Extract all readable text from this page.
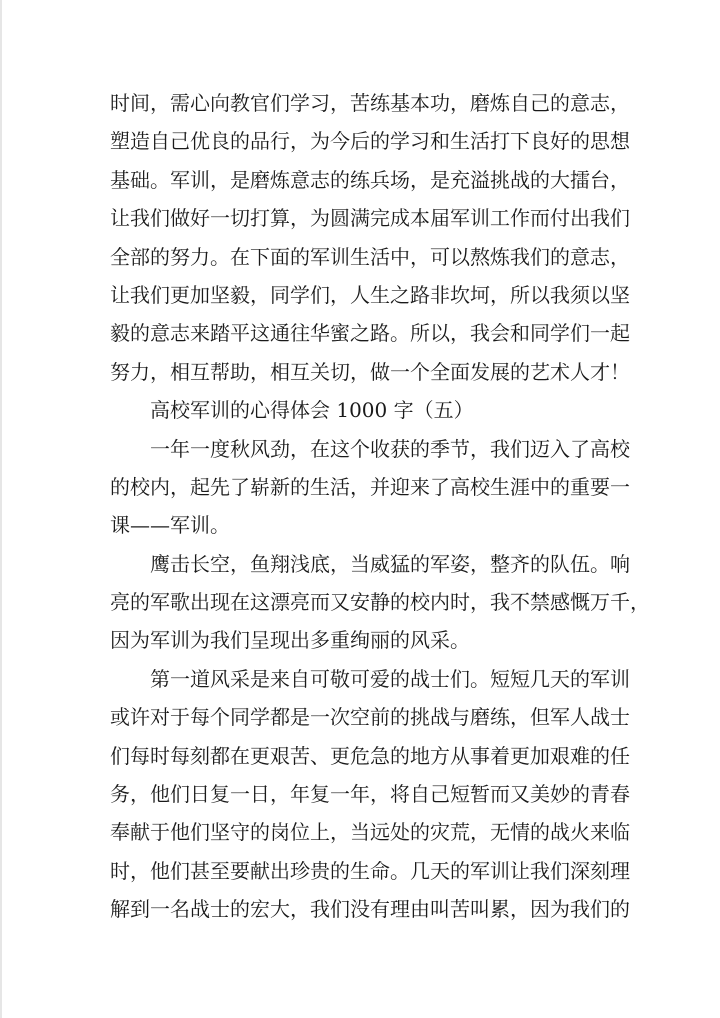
时间，需心向教官们学习，苦练基本功，磨炼自己的意志，
塑造自己优良的品行，为今后的学习和生活打下良好的思想
基础。军训，是磨炼意志的练兵场，是充溢挑战的大擂台，
让我们做好一切打算，为圆满完成本届军训工作而付出我们
全部的努力。在下面的军训生活中，可以熬炼我们的意志，
让我们更加坚毅，同学们，人生之路非坎坷，所以我须以坚
毅的意志来踏平这通往华蜜之路。所以，我会和同学们一起
努力，相互帮助，相互关切，做一个全面发展的艺术人才！
高校军训的心得体会 1000 字（五）
一年一度秋风劲，在这个收获的季节，我们迈入了高校
的校内，起先了崭新的生活，并迎来了高校生涯中的重要一
课——军训。
鹰击长空，鱼翔浅底，当威猛的军姿，整齐的队伍。响
亮的军歌出现在这漂亮而又安静的校内时，我不禁感慨万千，
因为军训为我们呈现出多重绚丽的风采。
第一道风采是来自可敬可爱的战士们。短短几天的军训
或许对于每个同学都是一次空前的挑战与磨练，但军人战士
们每时每刻都在更艰苦、更危急的地方从事着更加艰难的任
务，他们日复一日，年复一年，将自己短暂而又美妙的青春
奉献于他们坚守的岗位上，当远处的灾荒，无情的战火来临
时，他们甚至要献出珍贵的生命。几天的军训让我们深刻理
解到一名战士的宏大，我们没有理由叫苦叫累，因为我们的
